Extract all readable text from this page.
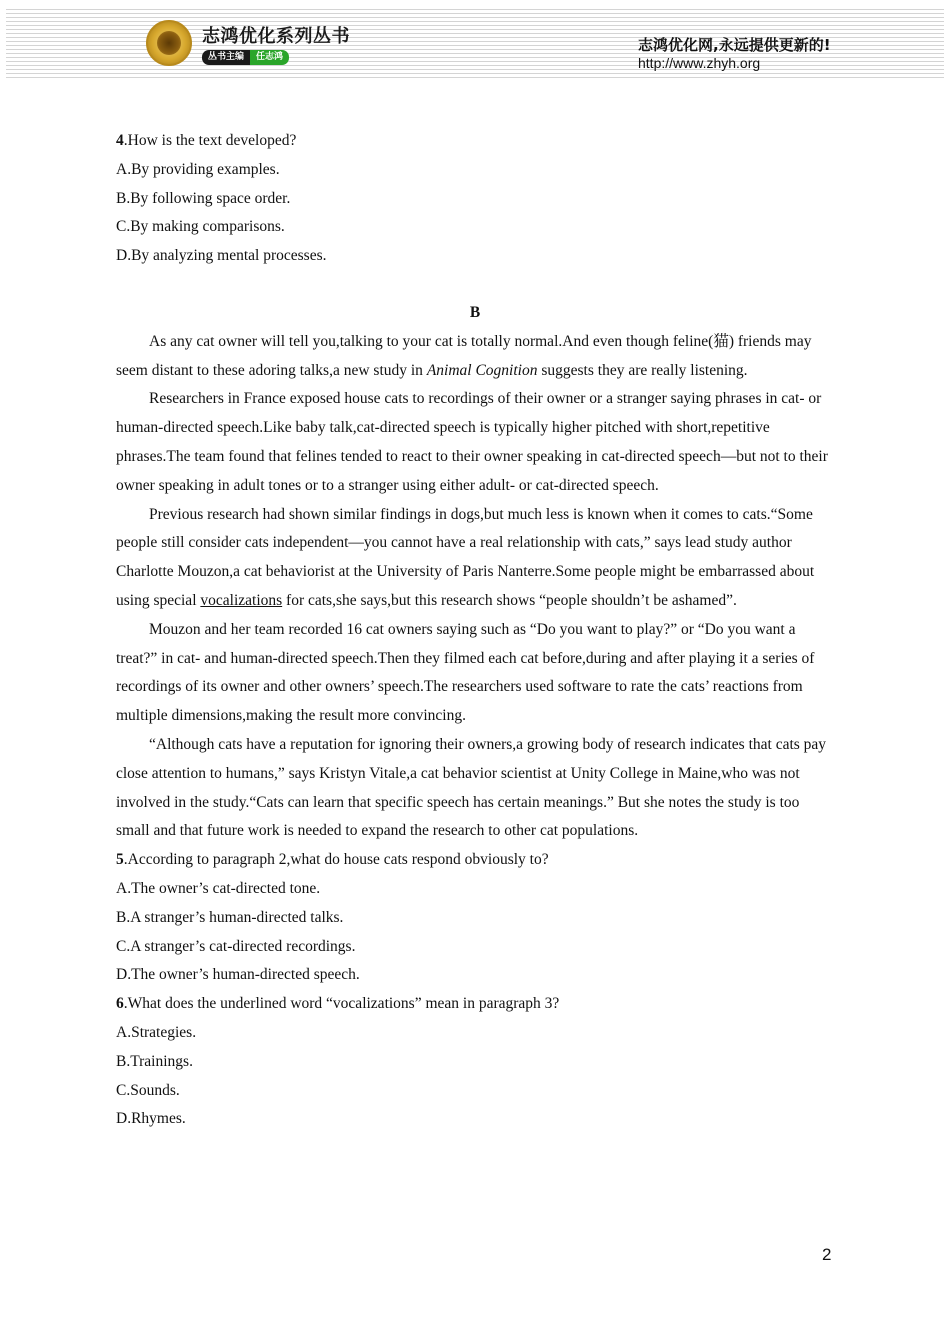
志鸿优化系列丛书
丛书主编	任志鸿
志鸿优化网,永远提供更新的!
http://www.zhyh.org

4.How is the text developed?

A.By providing examples.

B.By following space order.

C.By making comparisons.

D.By analyzing mental processes.

B

As any cat owner will tell you,talking to your cat is totally normal.And even though feline(猫) friends may seem distant to these adoring talks,a new study in Animal Cognition suggests they are really listening.

Researchers in France exposed house cats to recordings of their owner or a stranger saying phrases in cat- or human-directed speech.Like baby talk,cat-directed speech is typically higher pitched with short,repetitive phrases.The team found that felines tended to react to their owner speaking in cat-directed speech—but not to their owner speaking in adult tones or to a stranger using either adult- or cat-directed speech.

Previous research had shown similar findings in dogs,but much less is known when it comes to cats.“Some people still consider cats independent—you cannot have a real relationship with cats,” says lead study author Charlotte Mouzon,a cat behaviorist at the University of Paris Nanterre.Some people might be embarrassed about using special vocalizations for cats,she says,but this research shows “people shouldn’t be ashamed”.

Mouzon and her team recorded 16 cat owners saying such as “Do you want to play?” or “Do you want a treat?” in cat- and human-directed speech.Then they filmed each cat before,during and after playing it a series of recordings of its owner and other owners’ speech.The researchers used software to rate the cats’ reactions from multiple dimensions,making the result more convincing.

“Although cats have a reputation for ignoring their owners,a growing body of research indicates that cats pay close attention to humans,” says Kristyn Vitale,a cat behavior scientist at Unity College in Maine,who was not involved in the study.“Cats can learn that specific speech has certain meanings.” But she notes the study is too small and that future work is needed to expand the research to other cat populations.

5.According to paragraph 2,what do house cats respond obviously to?

A.The owner’s cat-directed tone.

B.A stranger’s human-directed talks.

C.A stranger’s cat-directed recordings.

D.The owner’s human-directed speech.

6.What does the underlined word “vocalizations” mean in paragraph 3?

A.Strategies.

B.Trainings.

C.Sounds.

D.Rhymes.

2
